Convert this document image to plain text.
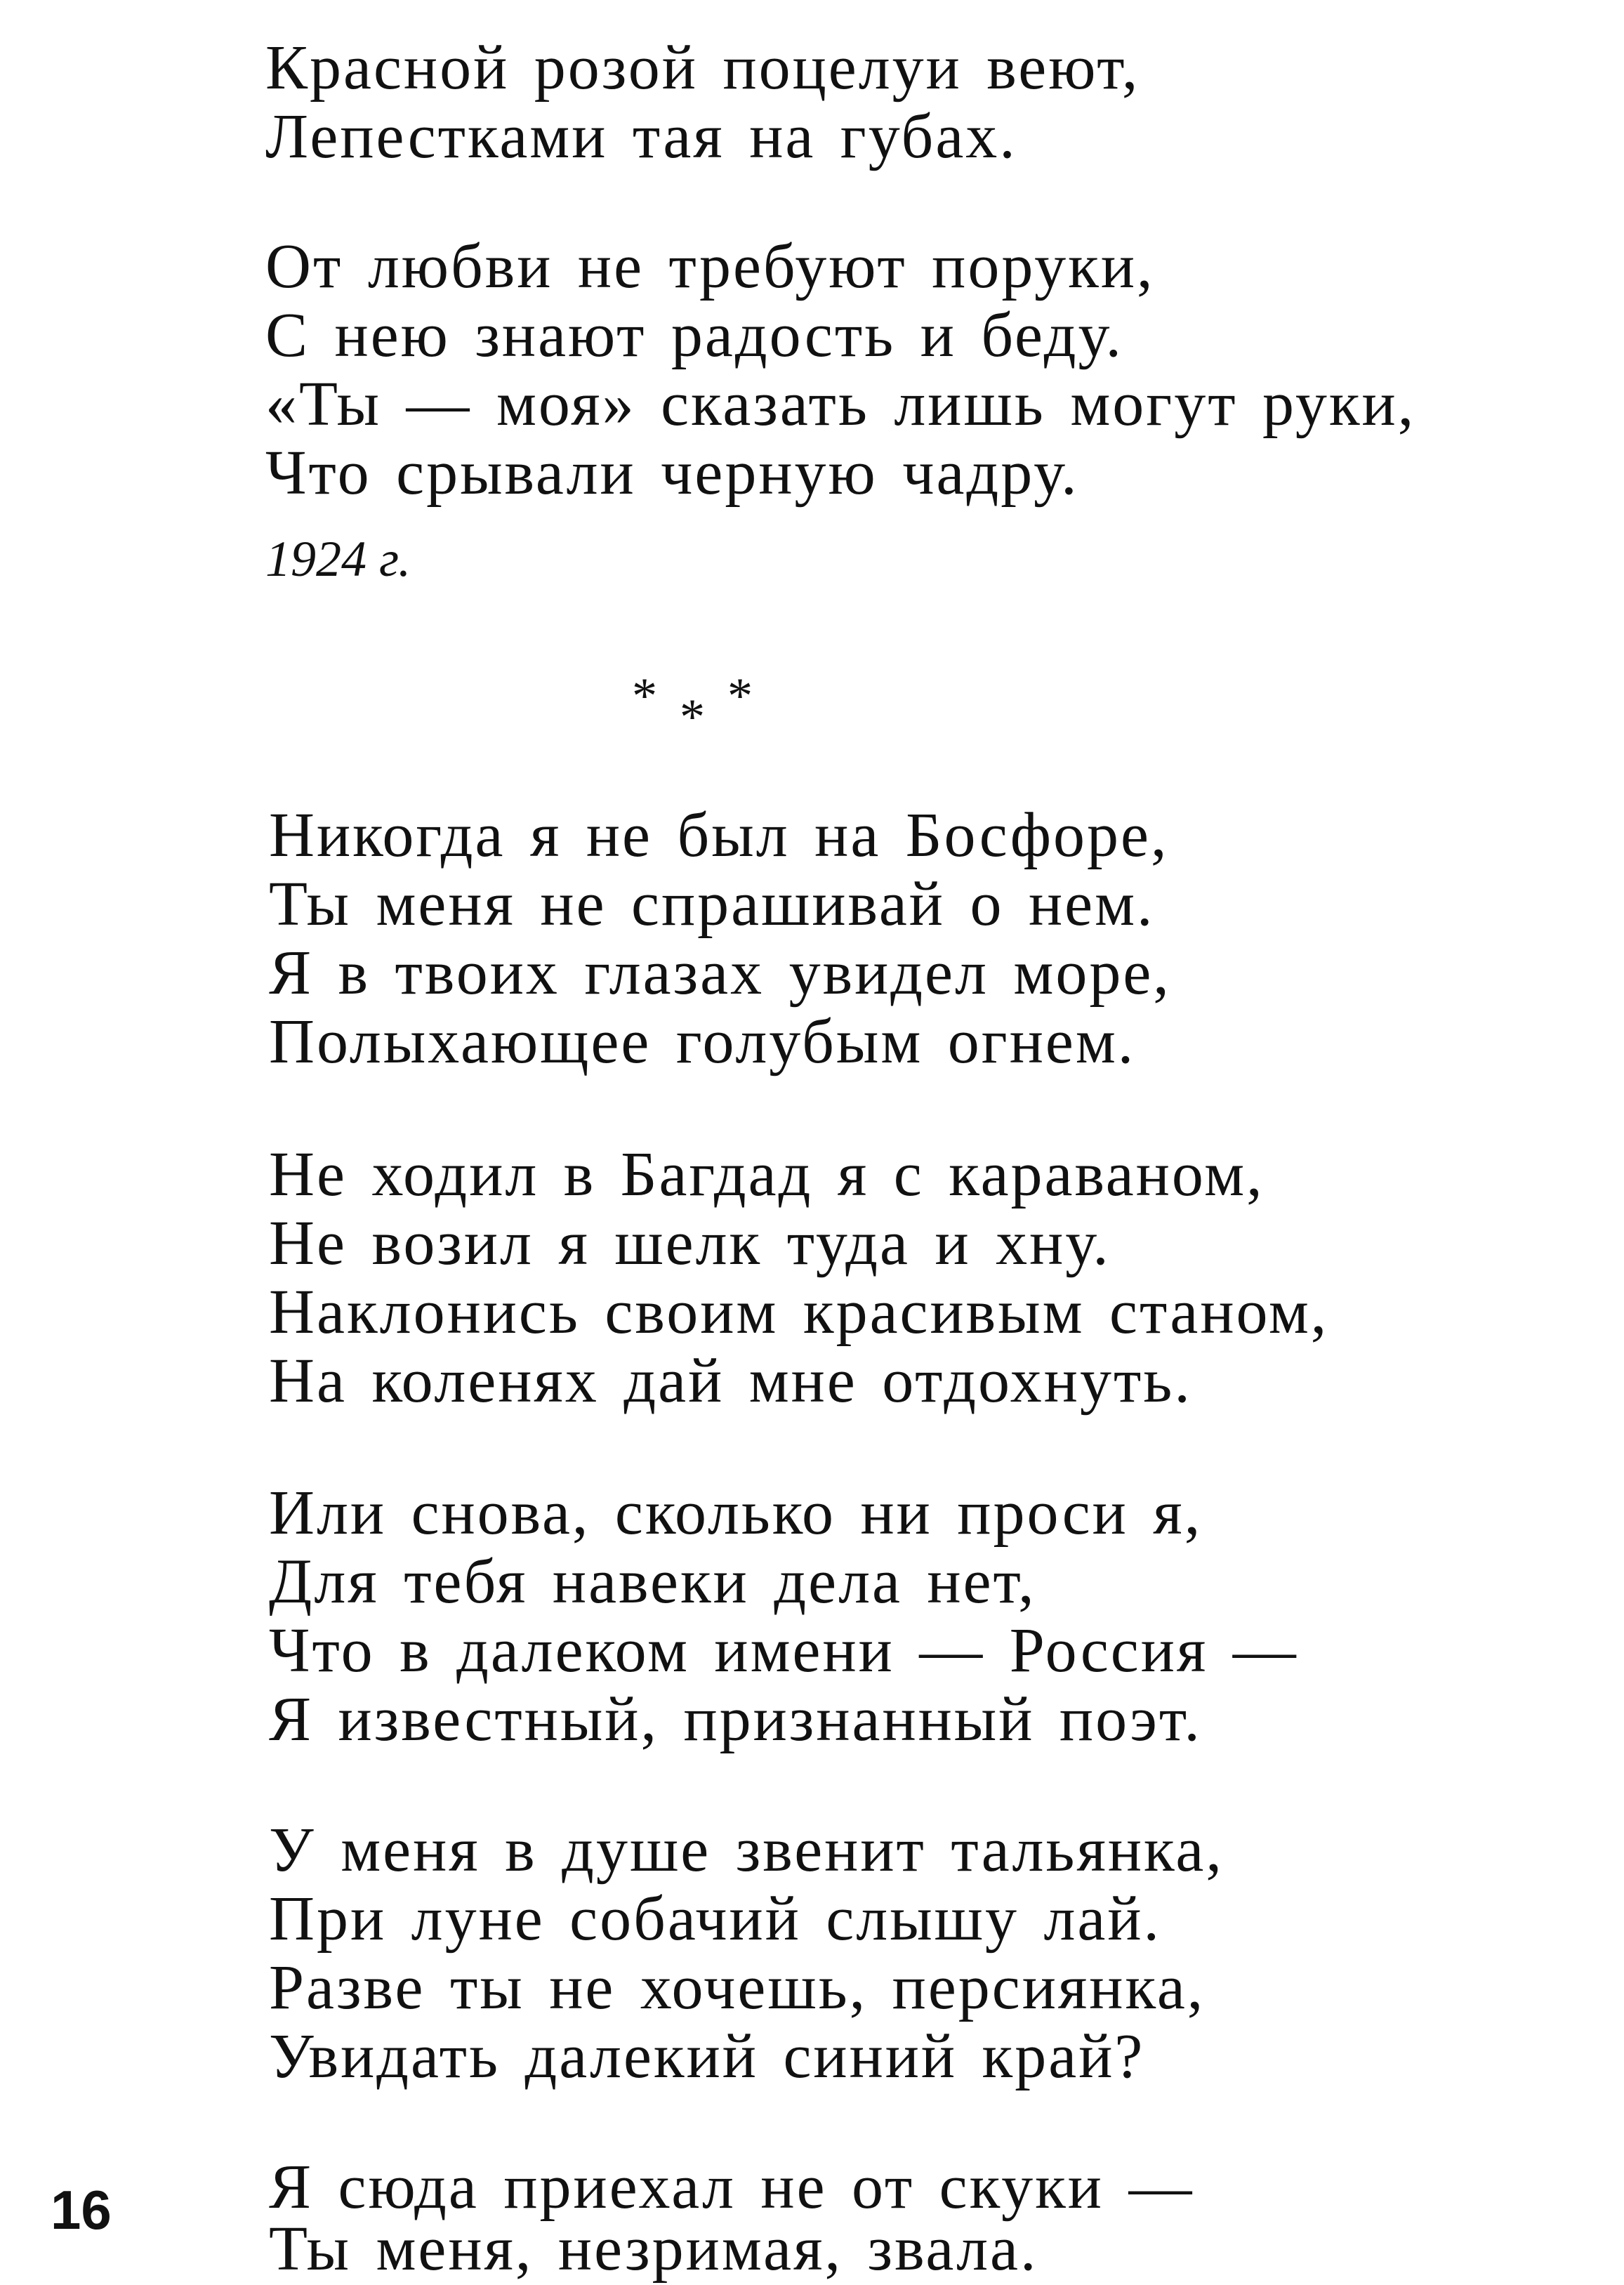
Красной розой поцелуи веют,
Лепестками тая на губах.
От любви не требуют поруки,
С нею знают радость и беду.
«Ты — моя» сказать лишь могут руки,
Что срывали черную чадру.
1924 г.
* * *
Никогда я не был на Босфоре,
Ты меня не спрашивай о нем.
Я в твоих глазах увидел море,
Полыхающее голубым огнем.
Не ходил в Багдад я с караваном,
Не возил я шелк туда и хну.
Наклонись своим красивым станом,
На коленях дай мне отдохнуть.
Или снова, сколько ни проси я,
Для тебя навеки дела нет,
Что в далеком имени — Россия —
Я известный, признанный поэт.
У меня в душе звенит тальянка,
При луне собачий слышу лай.
Разве ты не хочешь, персиянка,
Увидать далекий синий край?
Я сюда приехал не от скуки —
Ты меня, незримая, звала.
16
